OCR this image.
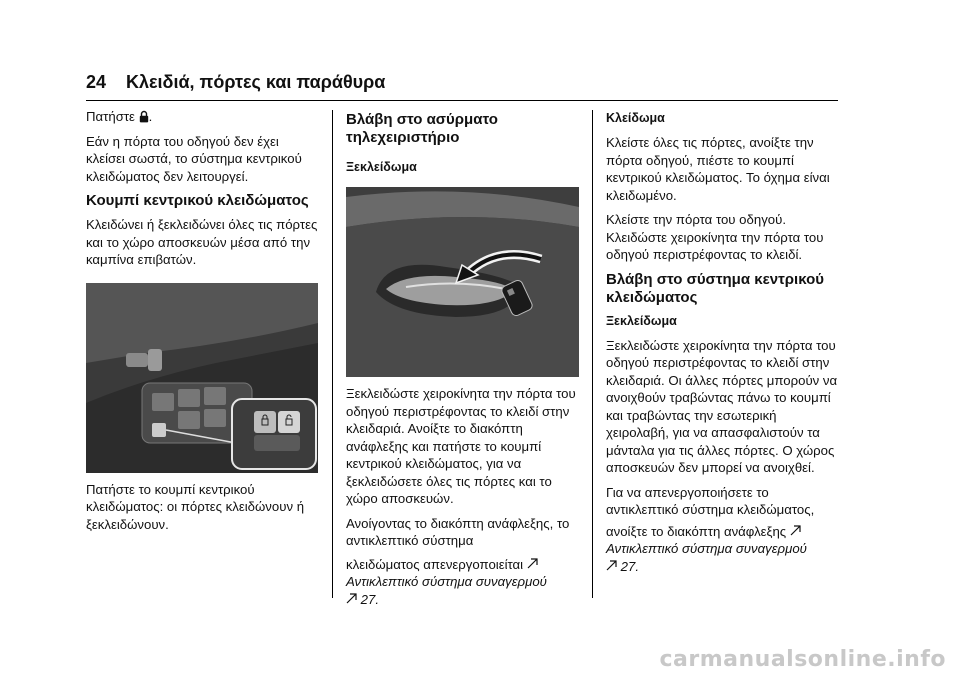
24 Κλειδιά, πόρτες και παράθυρα

Πατήστε .

Εάν η πόρτα του οδηγού δεν έχει κλείσει σωστά, το σύστημα κεντρικού κλειδώματος δεν λειτουργεί.

Κουμπί κεντρικού κλειδώματος

Κλειδώνει ή ξεκλειδώνει όλες τις πόρτες και το χώρο αποσκευών μέσα από την καμπίνα επιβατών.

Πατήστε το κουμπί κεντρικού κλειδώματος: οι πόρτες κλειδώνουν ή ξεκλειδώνουν.

Βλάβη στο ασύρματο τηλεχειριστήριο
Ξεκλείδωμα

Ξεκλειδώστε χειροκίνητα την πόρτα του οδηγού περιστρέφοντας το κλειδί στην κλειδαριά. Ανοίξτε το διακόπτη ανάφλεξης και πατήστε το κουμπί κεντρικού κλειδώματος, για να ξεκλειδώσετε όλες τις πόρτες και το χώρο αποσκευών.

Ανοίγοντας το διακόπτη ανάφλεξης, το αντικλεπτικό σύστημα

κλειδώματος απενεργοποιείται

Αντικλεπτικό σύστημα συναγερμού

27.

Κλείδωμα

Κλείστε όλες τις πόρτες, ανοίξτε την πόρτα οδηγού, πιέστε το κουμπί κεντρικού κλειδώματος. Το όχημα είναι κλειδωμένο.

Κλείστε την πόρτα του οδηγού. Κλειδώστε χειροκίνητα την πόρτα του οδηγού περιστρέφοντας το κλειδί.

Βλάβη στο σύστημα κεντρικού κλειδώματος
Ξεκλείδωμα

Ξεκλειδώστε χειροκίνητα την πόρτα του οδηγού περιστρέφοντας το κλειδί στην κλειδαριά. Οι άλλες πόρτες μπορούν να ανοιχθούν τραβώντας πάνω το κουμπί και τραβώντας την εσωτερική χειρολαβή, για να απασφαλιστούν τα μάνταλα για τις άλλες πόρτες. Ο χώρος αποσκευών δεν μπορεί να ανοιχθεί.

Για να απενεργοποιήσετε το αντικλεπτικό σύστημα κλειδώματος,

ανοίξτε το διακόπτη ανάφλεξης

Αντικλεπτικό σύστημα συναγερμού

27.

carmanualsonline.info
